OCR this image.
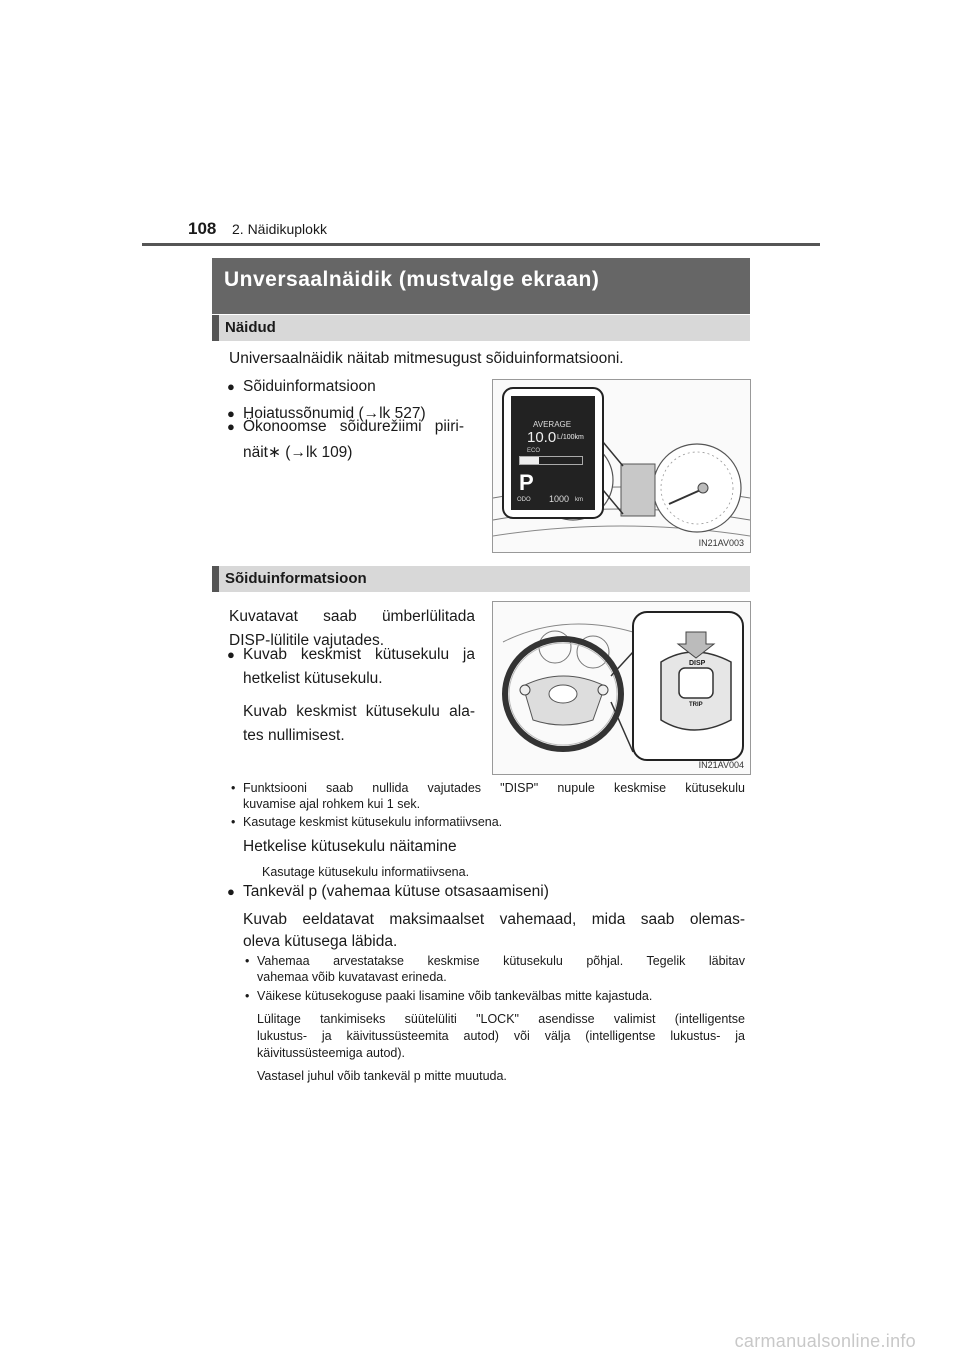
108 2. Näidikuplokk
Unversaalnäidik (mustvalge ekraan)
Näidud
Universaalnäidik näitab mitmesugust sõiduinformatsiooni.
● Sõiduinformatsioon
● Hoiatussõnumid (→lk 527)
● Ökonoomse sõidurežiimi piiri-
näit∗ (→lk 109)
AVERAGE
10.0 L/100km
ECO
P
ODO 1000 km
IN21AV003
Sõiduinformatsioon
Kuvatavat saab ümberlülitada
DISP-lülitile vajutades.
● Kuvab keskmist kütusekulu ja
hetkelist kütusekulu.
Kuvab keskmist kütusekulu ala-
tes nullimisest.
DISP
TRIP
IN21AV004
• Funktsiooni saab nullida vajutades "DISP" nupule keskmise kütusekulu
kuvamise ajal rohkem kui 1 sek.
• Kasutage keskmist kütusekulu informatiivsena.
Hetkelise kütusekulu näitamine
Kasutage kütusekulu informatiivsena.
● Tankeväl p (vahemaa kütuse otsasaamiseni)
Kuvab eeldatavat maksimaalset vahemaad, mida saab olemas-
oleva kütusega läbida.
• Vahemaa arvestatakse keskmise kütusekulu põhjal. Tegelik läbitav
vahemaa võib kuvatavast erineda.
• Väikese kütusekoguse paaki lisamine võib tankevälbas mitte kajastuda.
Lülitage tankimiseks süütelüliti "LOCK" asendisse valimist (intelligentse
lukustus- ja käivitussüsteemita autod) või välja (intelligentse lukustus- ja
käivitussüsteemiga autod).
Vastasel juhul võib tankeväl p mitte muutuda.
carmanualsonline.info
